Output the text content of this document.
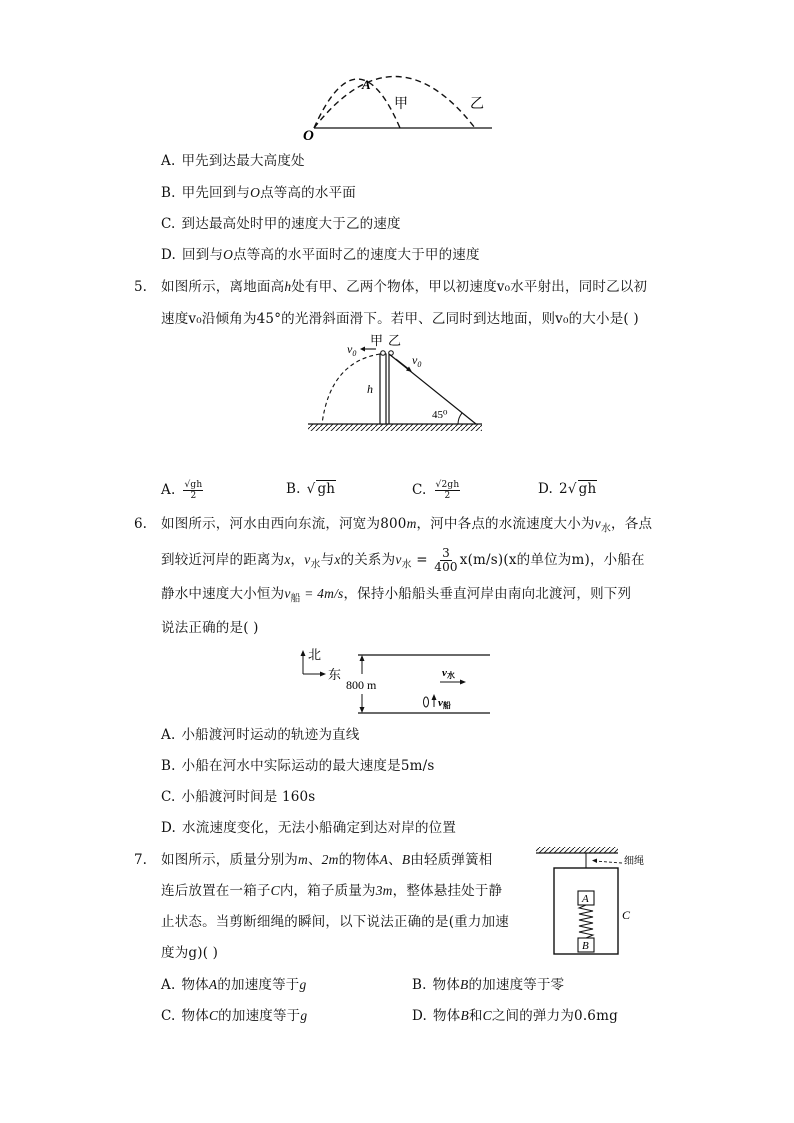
O
A
甲	乙
A. 甲先到达最大高度处
B. 甲先回到与O点等高的水平面
C. 到达最高处时甲的速度大于乙的速度
D. 回到与O点等高的水平面时乙的速度大于甲的速度
5. 如图所示，离地面高h处有甲、乙两个物体，甲以初速度v₀水平射出，同时乙以初
速度v₀沿倾角为45°的光滑斜面滑下。若甲、乙同时到达地面，则v₀的大小是( )
$v_0$
甲 乙
$v_0$
h
45⁰
A. $\frac{√gh}{2}$	B. √ gh	C. $\frac{√2gh}{2}$	D. 2√ gh
6. 如图所示，河水由西向东流，河宽为800m，河中各点的水流速度大小为$v_水$，各点
到较近河岸的距离为x，$v_水$与x的关系为$v_水 = \frac{3}{400} x(m/s)(x$的单位为m)，小船在
静水中速度大小恒为$v_船 = 4m/s$，保持小船船头垂直河岸由南向北渡河，则下列
说法正确的是( )
北
东
800 m
v水
v船
A. 小船渡河时运动的轨迹为直线
B. 小船在河水中实际运动的最大速度是5m/s
C. 小船渡河时间是 160s
D. 水流速度变化，无法小船确定到达对岸的位置
7. 如图所示，质量分别为m、2m的物体A、B由轻质弹簧相
连后放置在一箱子C内，箱子质量为3m，整体悬挂处于静
止状态。当剪断细绳的瞬间，以下说法正确的是(重力加速
度为g)( )
细绳
A
B
C
A. 物体A的加速度等于g	B. 物体B的加速度等于零
C. 物体C的加速度等于g	D. 物体B和C之间的弹力为0.6mg
